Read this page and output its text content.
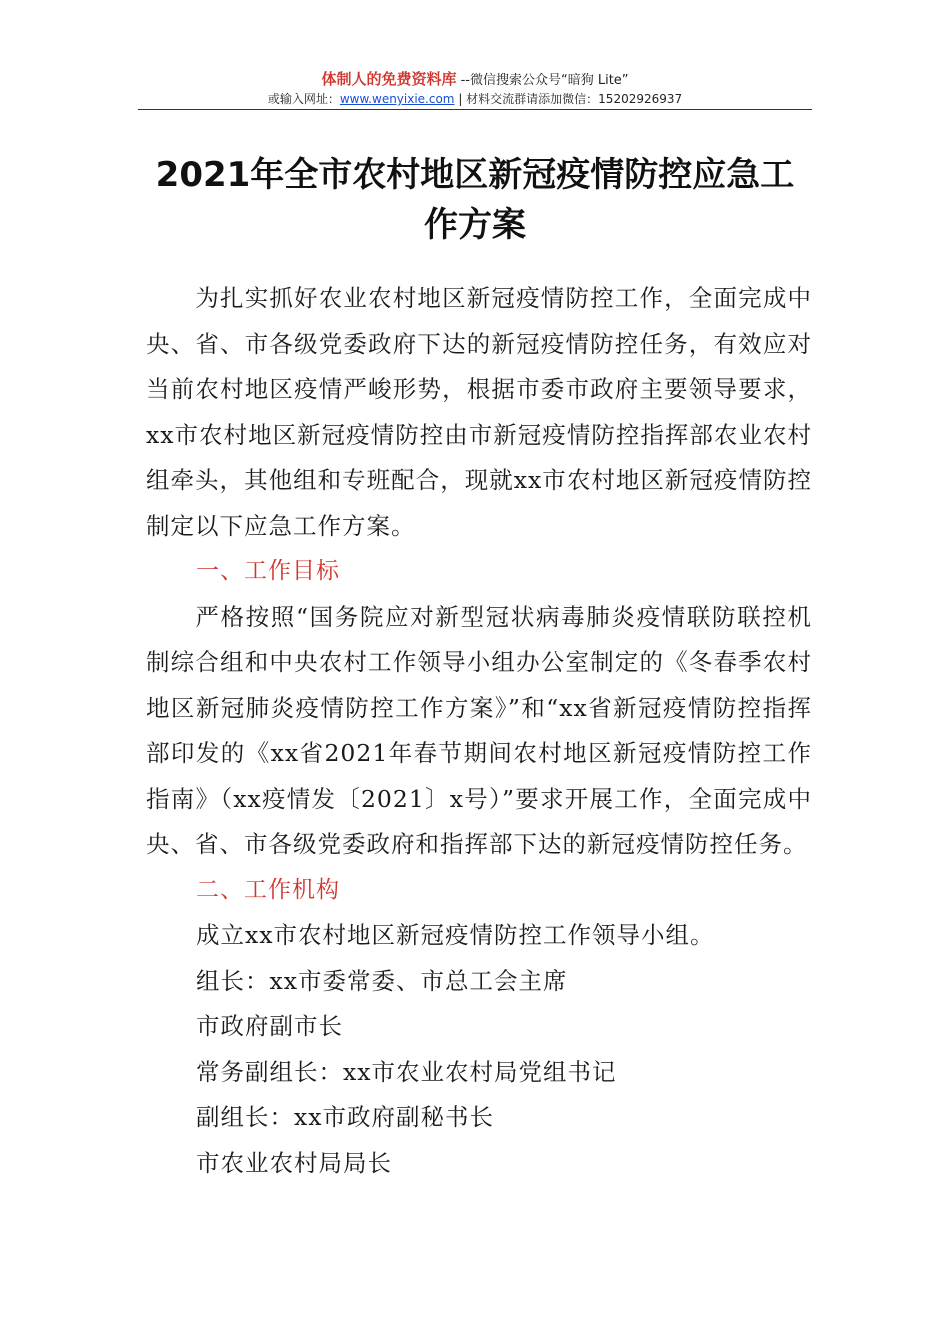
体制人的免费资料库 --微信搜索公众号“暗狗 Lite”
或输入网址：www.wenyixie.com | 材料交流群请添加微信：15202926937
2021年全市农村地区新冠疫情防控应急工作方案

为扎实抓好农业农村地区新冠疫情防控工作，全面完成中央、省、市各级党委政府下达的新冠疫情防控任务，有效应对当前农村地区疫情严峻形势，根据市委市政府主要领导要求，xx市农村地区新冠疫情防控由市新冠疫情防控指挥部农业农村组牵头，其他组和专班配合，现就xx市农村地区新冠疫情防控制定以下应急工作方案。

一、工作目标

严格按照“国务院应对新型冠状病毒肺炎疫情联防联控机制综合组和中央农村工作领导小组办公室制定的《冬春季农村地区新冠肺炎疫情防控工作方案》”和“xx省新冠疫情防控指挥部印发的《xx省2021年春节期间农村地区新冠疫情防控工作指南》（xx疫情发〔2021〕x号）”要求开展工作，全面完成中央、省、市各级党委政府和指挥部下达的新冠疫情防控任务。

二、工作机构

成立xx市农村地区新冠疫情防控工作领导小组。

组长：xx市委常委、市总工会主席

市政府副市长

常务副组长：xx市农业农村局党组书记

副组长：xx市政府副秘书长

市农业农村局局长
